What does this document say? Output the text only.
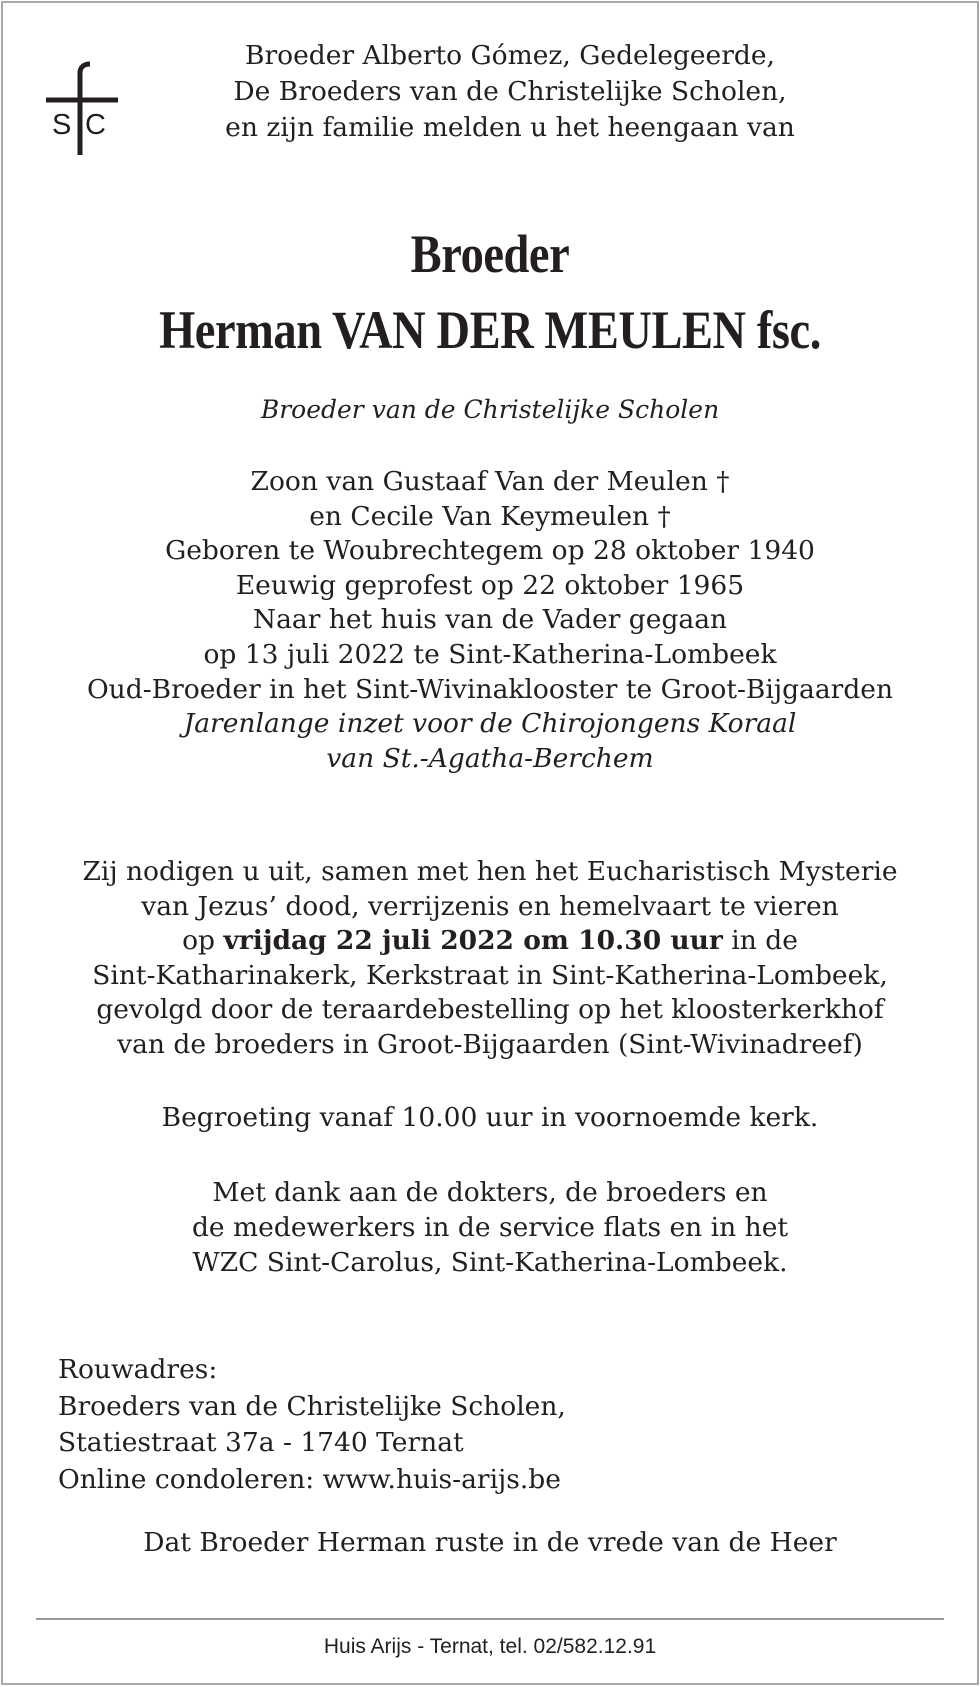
S C
Broeder Alberto Gómez, Gedelegeerde,
De Broeders van de Christelijke Scholen,
en zijn familie melden u het heengaan van
Broeder
Herman VAN DER MEULEN fsc.
Broeder van de Christelijke Scholen
Zoon van Gustaaf Van der Meulen †
en Cecile Van Keymeulen †
Geboren te Woubrechtegem op 28 oktober 1940
Eeuwig geprofest op 22 oktober 1965
Naar het huis van de Vader gegaan
op 13 juli 2022 te Sint-Katherina-Lombeek
Oud-Broeder in het Sint-Wivinaklooster te Groot-Bijgaarden
Jarenlange inzet voor de Chirojongens Koraal
van St.-Agatha-Berchem
Zij nodigen u uit, samen met hen het Eucharistisch Mysterie
van Jezus’ dood, verrijzenis en hemelvaart te vieren
op vrijdag 22 juli 2022 om 10.30 uur in de
Sint-Katharinakerk, Kerkstraat in Sint-Katherina-Lombeek,
gevolgd door de teraardebestelling op het kloosterkerkhof
van de broeders in Groot-Bijgaarden (Sint-Wivinadreef)
Begroeting vanaf 10.00 uur in voornoemde kerk.
Met dank aan de dokters, de broeders en
de medewerkers in de service flats en in het
WZC Sint-Carolus, Sint-Katherina-Lombeek.
Rouwadres:
Broeders van de Christelijke Scholen,
Statiestraat 37a - 1740 Ternat
Online condoleren: www.huis-arijs.be
Dat Broeder Herman ruste in de vrede van de Heer
Huis Arijs - Ternat, tel. 02/582.12.91
